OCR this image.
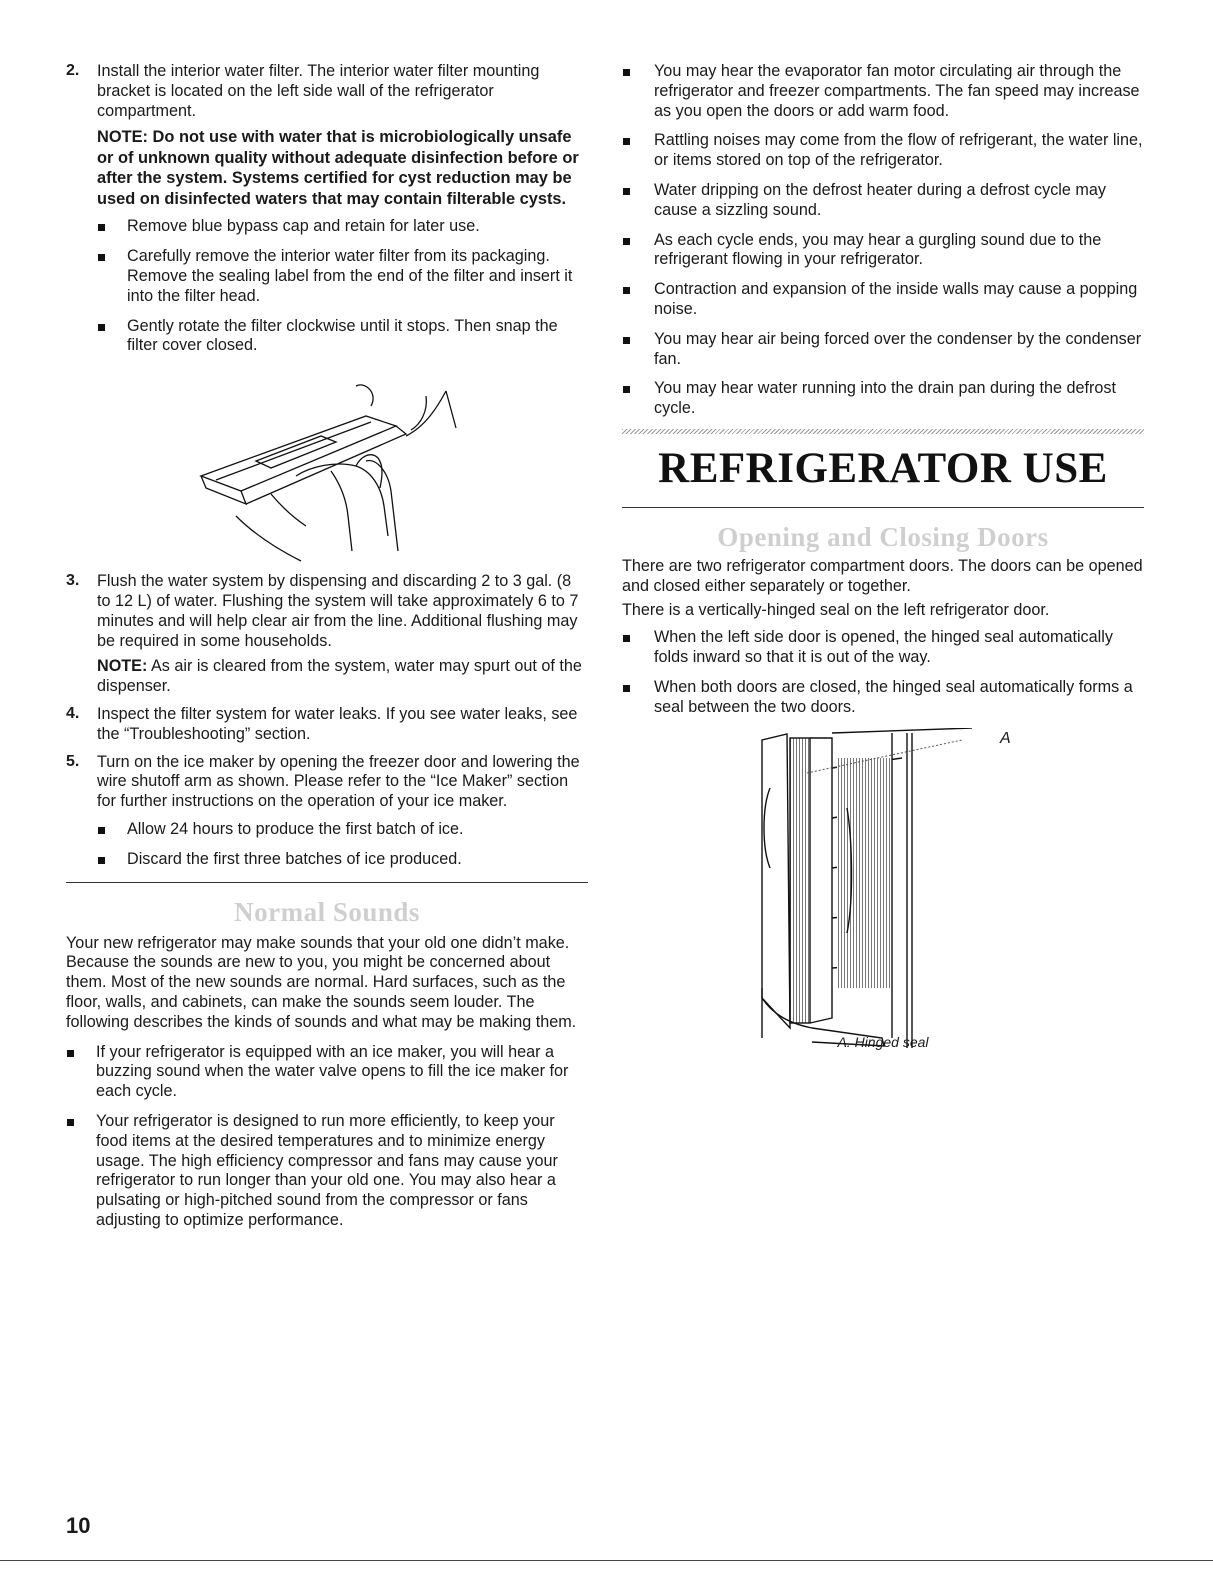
2. Install the interior water filter. The interior water filter mounting bracket is located on the left side wall of the refrigerator compartment.

NOTE: Do not use with water that is microbiologically unsafe or of unknown quality without adequate disinfection before or after the system. Systems certified for cyst reduction may be used on disinfected waters that may contain filterable cysts.

Remove blue bypass cap and retain for later use.
Carefully remove the interior water filter from its packaging. Remove the sealing label from the end of the filter and insert it into the filter head.
Gently rotate the filter clockwise until it stops. Then snap the filter cover closed.
3. Flush the water system by dispensing and discarding 2 to 3 gal. (8 to 12 L) of water. Flushing the system will take approximately 6 to 7 minutes and will help clear air from the line. Additional flushing may be required in some households.

NOTE: As air is cleared from the system, water may spurt out of the dispenser.

4. Inspect the filter system for water leaks. If you see water leaks, see the “Troubleshooting” section.

5. Turn on the ice maker by opening the freezer door and lowering the wire shutoff arm as shown. Please refer to the “Ice Maker” section for further instructions on the operation of your ice maker.

Allow 24 hours to produce the first batch of ice.
Discard the first three batches of ice produced.
Normal Sounds

Your new refrigerator may make sounds that your old one didn’t make. Because the sounds are new to you, you might be concerned about them. Most of the new sounds are normal. Hard surfaces, such as the floor, walls, and cabinets, can make the sounds seem louder. The following describes the kinds of sounds and what may be making them.

If your refrigerator is equipped with an ice maker, you will hear a buzzing sound when the water valve opens to fill the ice maker for each cycle.
Your refrigerator is designed to run more efficiently, to keep your food items at the desired temperatures and to minimize energy usage. The high efficiency compressor and fans may cause your refrigerator to run longer than your old one. You may also hear a pulsating or high-pitched sound from the compressor or fans adjusting to optimize performance.
You may hear the evaporator fan motor circulating air through the refrigerator and freezer compartments. The fan speed may increase as you open the doors or add warm food.
Rattling noises may come from the flow of refrigerant, the water line, or items stored on top of the refrigerator.
Water dripping on the defrost heater during a defrost cycle may cause a sizzling sound.
As each cycle ends, you may hear a gurgling sound due to the refrigerant flowing in your refrigerator.
Contraction and expansion of the inside walls may cause a popping noise.
You may hear air being forced over the condenser by the condenser fan.
You may hear water running into the drain pan during the defrost cycle.
REFRIGERATOR USE
Opening and Closing Doors

There are two refrigerator compartment doors. The doors can be opened and closed either separately or together.

There is a vertically-hinged seal on the left refrigerator door.

When the left side door is opened, the hinged seal automatically folds inward so that it is out of the way.
When both doors are closed, the hinged seal automatically forms a seal between the two doors.
A
A. Hinged seal
10
